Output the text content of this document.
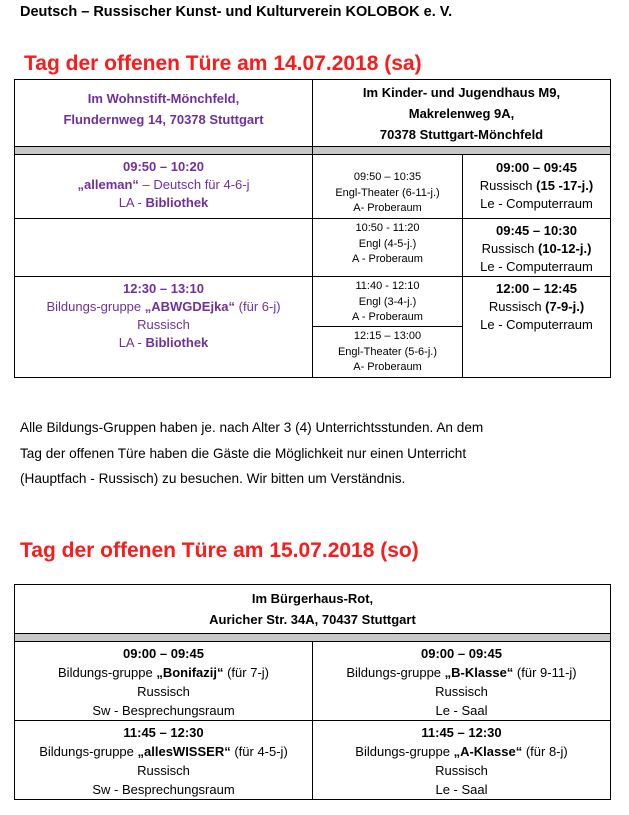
Deutsch – Russischer Kunst- und Kulturverein KOLOBOK e. V.
Tag der offenen Türe am 14.07.2018 (sa)
Im Wohnstift-Mönchfeld,
Flundernweg 14, 70378 Stuttgart
Im Kinder- und Jugendhaus M9,
Makrelenweg 9A,
70378 Stuttgart-Mönchfeld
09:50 – 10:20
„alleman“ – Deutsch für 4-6-j
LA - Bibliothek
12:30 – 13:10
Bildungs-gruppe „ABWGDEjka“ (für 6-j)
Russisch
LA - Bibliothek
09:50 – 10:35
Engl-Theater (6-11-j.)
A- Proberaum
10:50 - 11:20
Engl (4-5-j.)
A - Proberaum
11:40 - 12:10
Engl (3-4-j.)
A - Proberaum
12:15 – 13:00
Engl-Theater (5-6-j.)
A- Proberaum
09:00 – 09:45
Russisch (15 -17-j.)
Le - Computerraum
09:45 – 10:30
Russisch (10-12-j.)
Le - Computerraum
12:00 – 12:45
Russisch (7-9-j.)
Le - Computerraum
Alle Bildungs-Gruppen haben je. nach Alter 3 (4) Unterrichtsstunden. An dem
Tag der offenen Türe haben die Gäste die Möglichkeit nur einen Unterricht
(Hauptfach - Russisch) zu besuchen. Wir bitten um Verständnis.
Tag der offenen Türe am 15.07.2018 (so)
Im Bürgerhaus-Rot,
Auricher Str. 34A, 70437 Stuttgart
09:00 – 09:45
Bildungs-gruppe „Bonifazij“ (für 7-j)
Russisch
Sw - Besprechungsraum
09:00 – 09:45
Bildungs-gruppe „B-Klasse“ (für 9-11-j)
Russisch
Le - Saal
11:45 – 12:30
Bildungs-gruppe „allesWISSER“ (für 4-5-j)
Russisch
Sw - Besprechungsraum
11:45 – 12:30
Bildungs-gruppe „A-Klasse“ (für 8-j)
Russisch
Le - Saal
